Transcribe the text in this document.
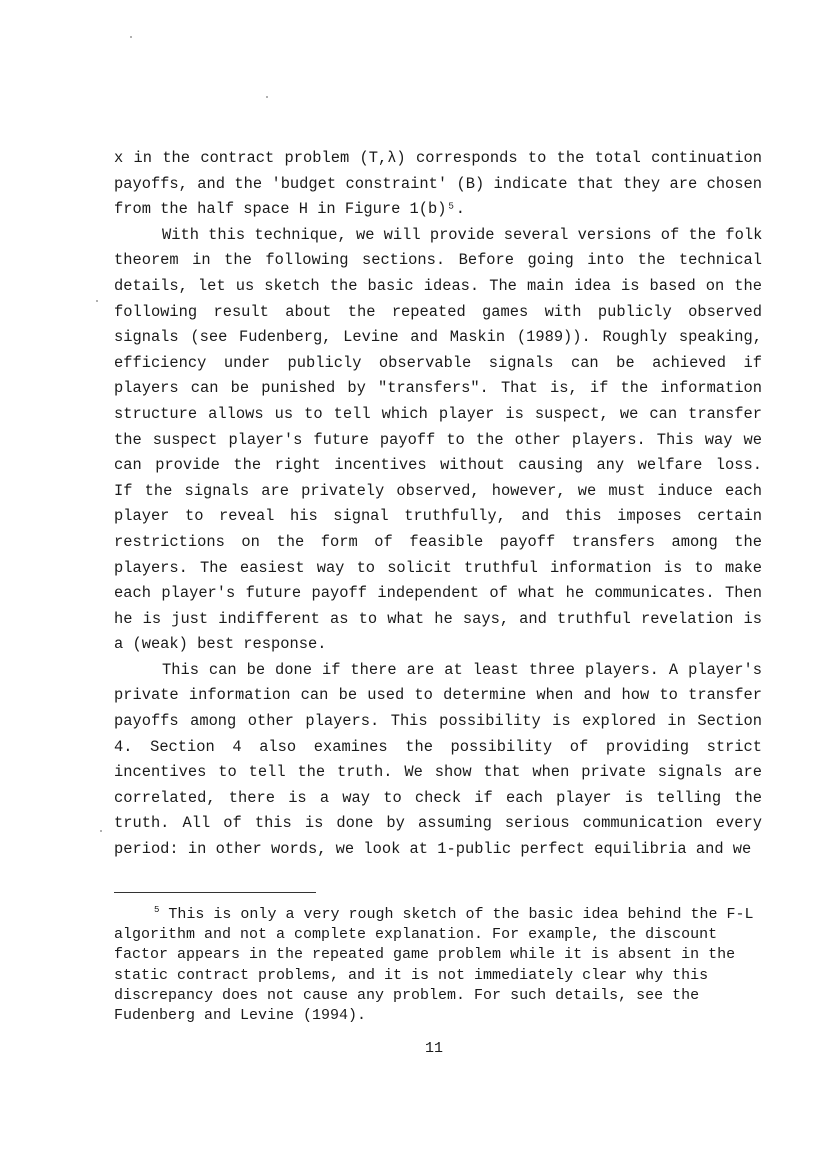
x in the contract problem (T,λ) corresponds to the total continuation
payoffs, and the 'budget constraint' (B) indicate that they are chosen
from the half space H in Figure 1(b)⁵.
With this technique, we will provide several versions of the folk
theorem in the following sections. Before going into the technical
details, let us sketch the basic ideas. The main idea is based on the
following result about the repeated games with publicly observed
signals (see Fudenberg, Levine and Maskin (1989)). Roughly speaking,
efficiency under publicly observable signals can be achieved if
players can be punished by "transfers". That is, if the information
structure allows us to tell which player is suspect, we can transfer
the suspect player's future payoff to the other players. This way we
can provide the right incentives without causing any welfare loss.
If the signals are privately observed, however, we must induce each
player to reveal his signal truthfully, and this imposes certain
restrictions on the form of feasible payoff transfers among the
players. The easiest way to solicit truthful information is to make
each player's future payoff independent of what he communicates. Then
he is just indifferent as to what he says, and truthful revelation is
a (weak) best response.
This can be done if there are at least three players. A player's
private information can be used to determine when and how to transfer
payoffs among other players. This possibility is explored in Section
4. Section 4 also examines the possibility of providing strict
incentives to tell the truth. We show that when private signals are
correlated, there is a way to check if each player is telling the
truth. All of this is done by assuming serious communication every
period: in other words, we look at 1-public perfect equilibria and we
$^5$ This is only a very rough sketch of the basic idea behind the F-L algorithm and not a complete explanation. For example, the discount factor appears in the repeated game problem while it is absent in the static contract problems, and it is not immediately clear why this discrepancy does not cause any problem. For such details, see the Fudenberg and Levine (1994).
11
